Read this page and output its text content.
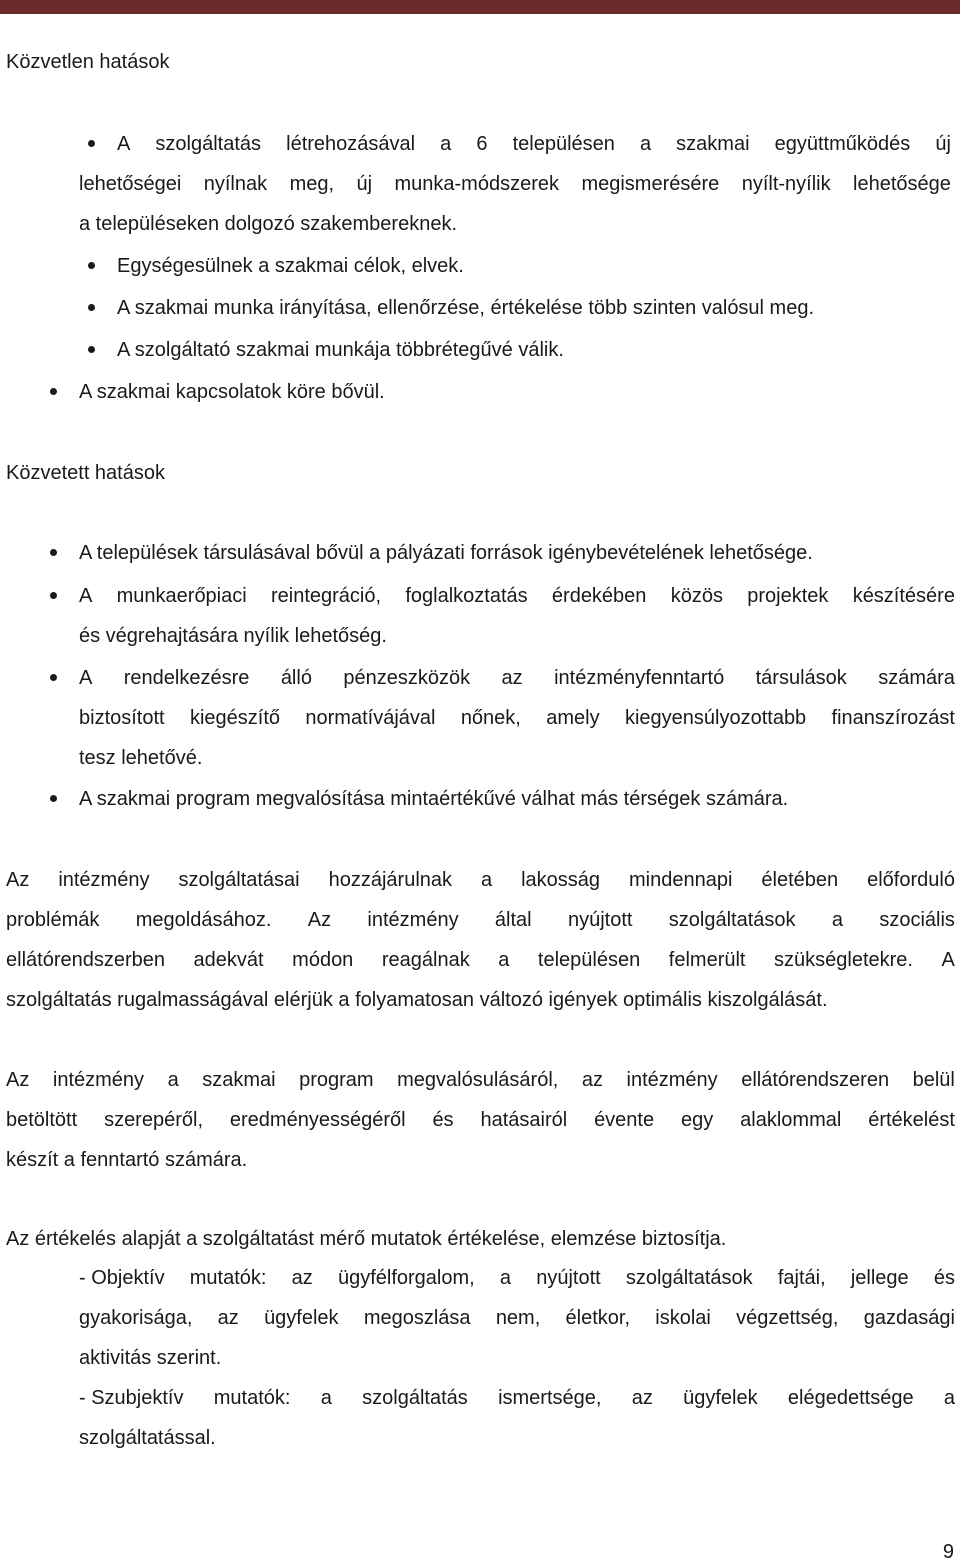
Közvetlen hatások
A szolgáltatás létrehozásával a 6 településen a szakmai együttműködés új
lehetőségei nyílnak meg, új munka-módszerek megismerésére nyílt-nyílik lehetősége
a településeken dolgozó szakembereknek.
Egységesülnek a szakmai célok, elvek.
A szakmai munka irányítása, ellenőrzése, értékelése több szinten valósul meg.
A szolgáltató szakmai munkája többrétegűvé válik.
A szakmai kapcsolatok köre bővül.
Közvetett hatások
A települések társulásával bővül a pályázati források igénybevételének lehetősége.
A munkaerőpiaci reintegráció, foglalkoztatás érdekében közös projektek készítésére
és végrehajtására nyílik lehetőség.
A rendelkezésre álló pénzeszközök az intézményfenntartó társulások számára
biztosított kiegészítő normatívájával nőnek, amely kiegyensúlyozottabb finanszírozást
tesz lehetővé.
A szakmai program megvalósítása mintaértékűvé válhat más térségek számára.
Az intézmény szolgáltatásai hozzájárulnak a lakosság mindennapi életében előforduló
problémák megoldásához. Az intézmény által nyújtott szolgáltatások a szociális
ellátórendszerben adekvát módon reagálnak a településen felmerült szükségletekre. A
szolgáltatás rugalmasságával elérjük a folyamatosan változó igények optimális kiszolgálását.
Az intézmény a szakmai program megvalósulásáról, az intézmény ellátórendszeren belül
betöltött szerepéről, eredményességéről és hatásairól évente egy alaklommal értékelést
készít a fenntartó számára.
Az értékelés alapját a szolgáltatást mérő mutatok értékelése, elemzése biztosítja.
- Objektív mutatók: az ügyfélforgalom, a nyújtott szolgáltatások fajtái, jellege és
gyakorisága, az ügyfelek megoszlása nem, életkor, iskolai végzettség, gazdasági
aktivitás szerint.
- Szubjektív mutatók: a szolgáltatás ismertsége, az ügyfelek elégedettsége a
szolgáltatással.
9
